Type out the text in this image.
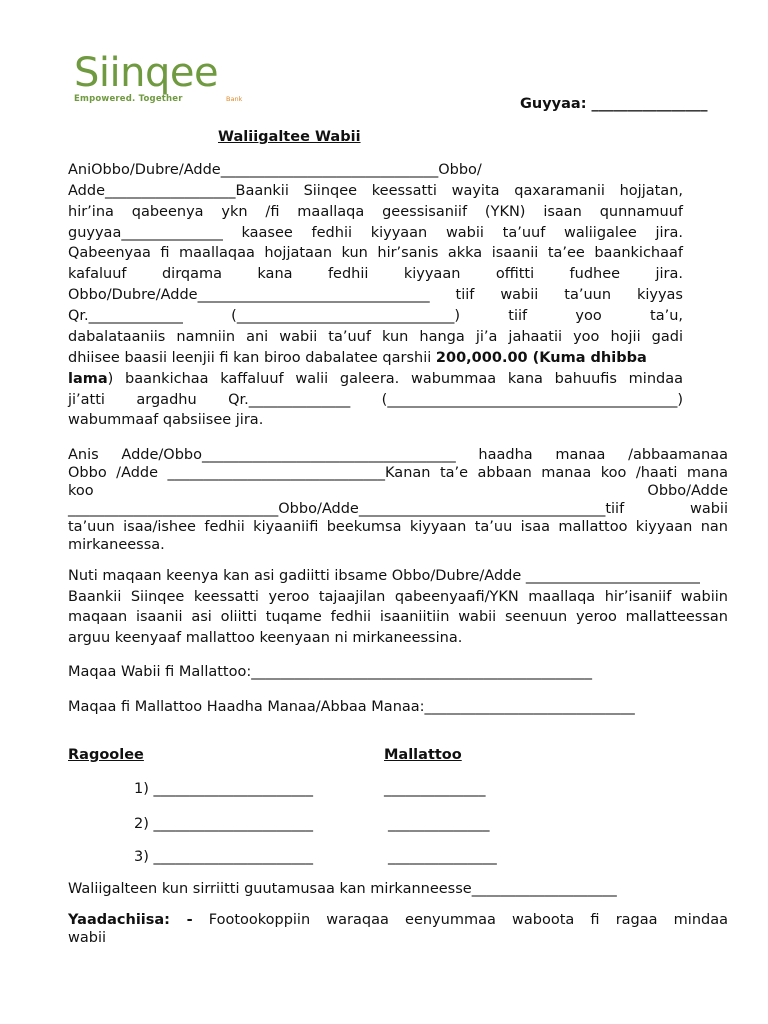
Siinqee
Empowered. Together	Bank	Guyyaa: ________________
Waliigaltee Wabii
AniObbo/Dubre/Adde______________________________Obbo/
Adde__________________Baankii Siinqee keessatti wayita qaxaramanii hojjatan,
hir’ina qabeenya ykn /fi maallaqa geessisaniif (YKN) isaan qunnamuuf
guyyaa______________ kaasee fedhii kiyyaan wabii ta’uuf waliigalee jira.
Qabeenyaa fi maallaqaa hojjataan kun hir’sanis akka isaanii ta’ee baankichaaf
kafaluuf dirqama kana fedhii kiyyaan offitti fudhee jira.
Obbo/Dubre/Adde________________________________ tiif wabii ta’uun kiyyas
Qr._____________ (______________________________) tiif yoo ta’u,
dabalataaniis namniin ani wabii ta’uuf kun hanga ji’a jahaatii yoo hojii gadi
dhiisee baasii leenjii fi kan biroo dabalatee qarshii 200,000.00 (Kuma dhibba
lama) baankichaa kaffaluuf walii galeera. wabummaa kana bahuufis mindaa
ji’atti argadhu Qr.______________ (________________________________________)
wabummaaf qabsiisee jira.
Anis Adde/Obbo___________________________________ haadha manaa /abbaamanaa
Obbo /Adde ______________________________Kanan ta’e abbaan manaa koo /haati mana
koo Obbo/Adde
_____________________________Obbo/Adde__________________________________tiif wabii
ta’uun isaa/ishee fedhii kiyaaniifi beekumsa kiyyaan ta’uu isaa mallattoo kiyyaan nan
mirkaneessa.
Nuti maqaan keenya kan asi gadiitti ibsame Obbo/Dubre/Adde ________________________
Baankii Siinqee keessatti yeroo tajaajilan qabeenyaafi/YKN maallaqa hir’isaniif wabiin
maqaan isaanii asi oliitti tuqame fedhii isaaniitiin wabii seenuun yeroo mallatteessan
arguu keenyaaf mallattoo keenyaan ni mirkaneessina.
Maqaa Wabii fi Mallattoo:_______________________________________________
Maqaa fi Mallattoo Haadha Manaa/Abbaa Manaa:_____________________________
Ragoolee	Mallattoo
1) ______________________	______________
2) ______________________	______________
3) ______________________	_______________
Waliigalteen kun sirriitti guutamusaa kan mirkanneesse____________________
Yaadachiisa: - Footookoppiin waraqaa eenyummaa waboota fi ragaa mindaa
wabii
